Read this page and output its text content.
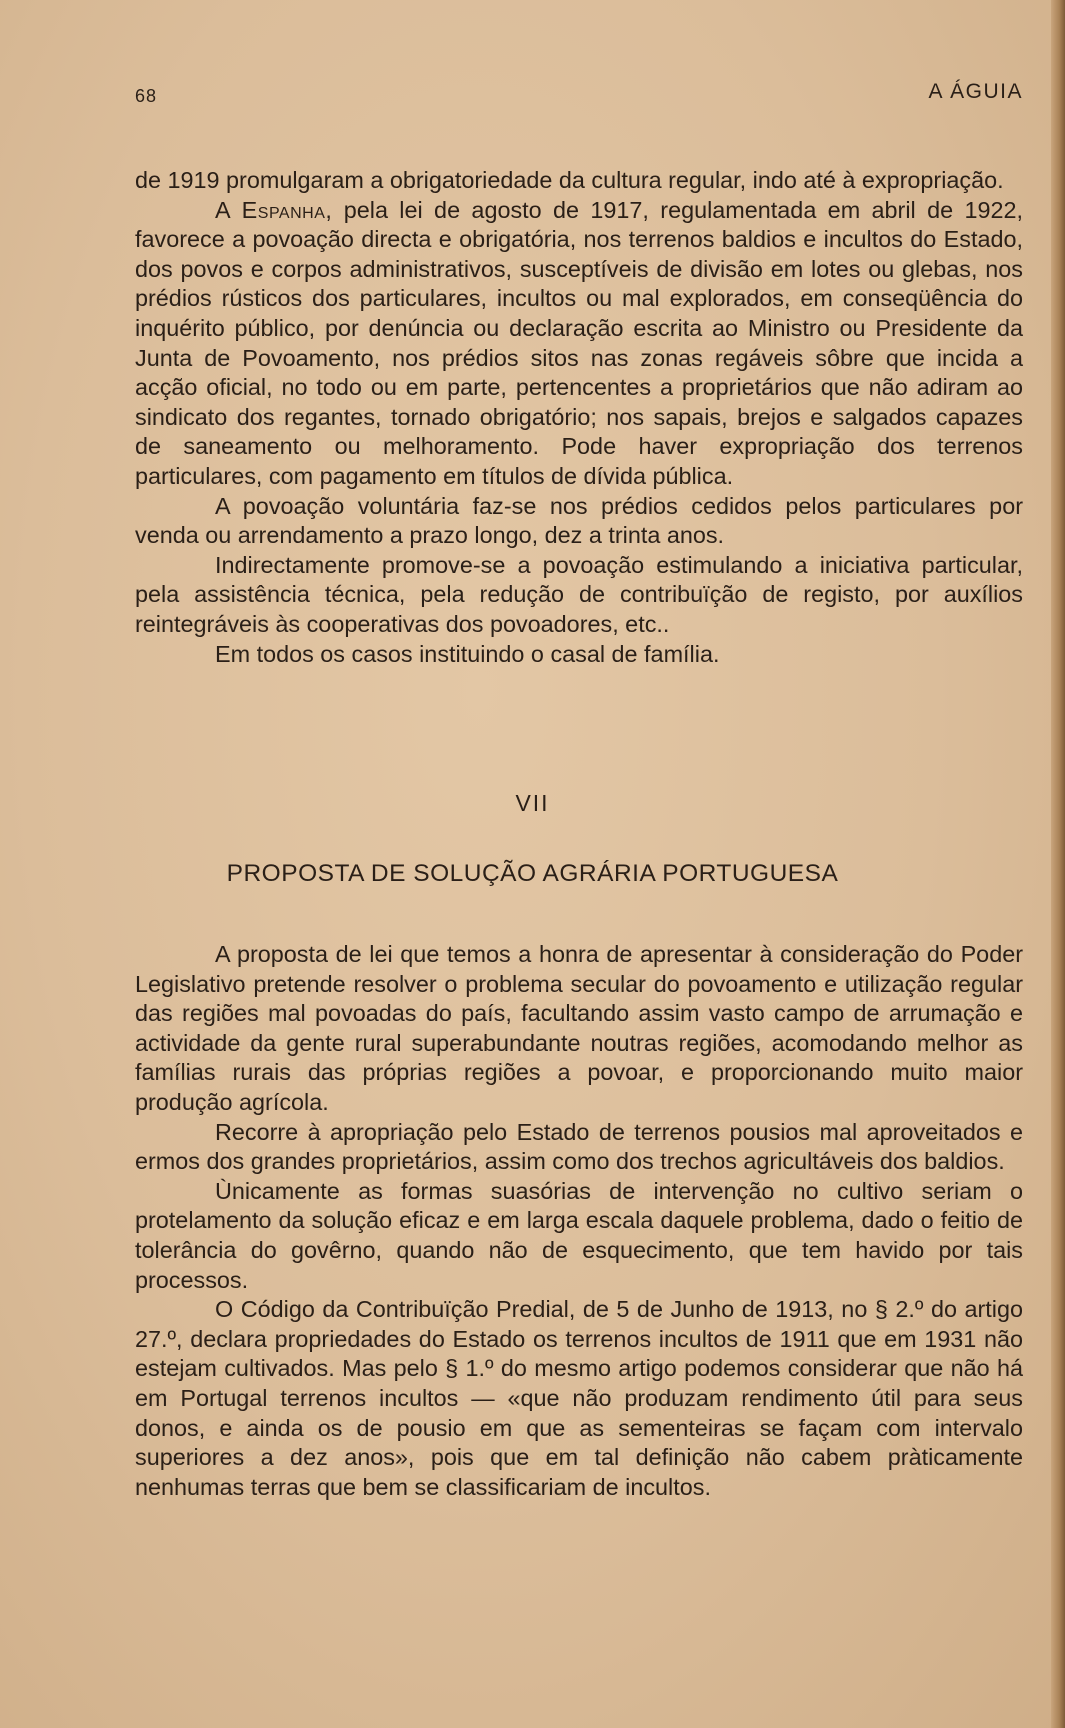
68	A ÁGUIA

de 1919 promulgaram a obrigatoriedade da cultura regular, indo até à expropriação.

A Espanha, pela lei de agosto de 1917, regulamentada em abril de 1922, favorece a povoação directa e obrigatória, nos terrenos baldios e incultos do Estado, dos povos e corpos administrativos, susceptíveis de divisão em lotes ou glebas, nos prédios rústicos dos particulares, incultos ou mal explorados, em conseqüência do inquérito público, por denúncia ou declaração escrita ao Ministro ou Presidente da Junta de Povoamento, nos prédios sitos nas zonas regáveis sôbre que incida a acção oficial, no todo ou em parte, pertencentes a proprietários que não adiram ao sindicato dos regantes, tornado obrigatório; nos sapais, brejos e salgados capazes de saneamento ou melhoramento. Pode haver expropriação dos terrenos particulares, com pagamento em títulos de dívida pública.

A povoação voluntária faz-se nos prédios cedidos pelos particulares por venda ou arrendamento a prazo longo, dez a trinta anos.

Indirectamente promove-se a povoação estimulando a iniciativa particular, pela assistência técnica, pela redução de contribuïção de registo, por auxílios reintegráveis às cooperativas dos povoadores, etc..

Em todos os casos instituindo o casal de família.

VII
PROPOSTA DE SOLUÇÃO AGRÁRIA PORTUGUESA

A proposta de lei que temos a honra de apresentar à consideração do Poder Legislativo pretende resolver o problema secular do povoamento e utilização regular das regiões mal povoadas do país, facultando assim vasto campo de arrumação e actividade da gente rural superabundante noutras regiões, acomodando melhor as famílias rurais das próprias regiões a povoar, e proporcionando muito maior produção agrícola.

Recorre à apropriação pelo Estado de terrenos pousios mal aproveitados e ermos dos grandes proprietários, assim como dos trechos agricultáveis dos baldios.

Ùnicamente as formas suasórias de intervenção no cultivo seriam o protelamento da solução eficaz e em larga escala daquele problema, dado o feitio de tolerância do govêrno, quando não de esquecimento, que tem havido por tais processos.

O Código da Contribuïção Predial, de 5 de Junho de 1913, no § 2.º do artigo 27.º, declara propriedades do Estado os terrenos incultos de 1911 que em 1931 não estejam cultivados. Mas pelo § 1.º do mesmo artigo podemos considerar que não há em Portugal terrenos incultos — «que não produzam rendimento útil para seus donos, e ainda os de pousio em que as sementeiras se façam com intervalo superiores a dez anos», pois que em tal definição não cabem pràticamente nenhumas terras que bem se classificariam de incultos.
